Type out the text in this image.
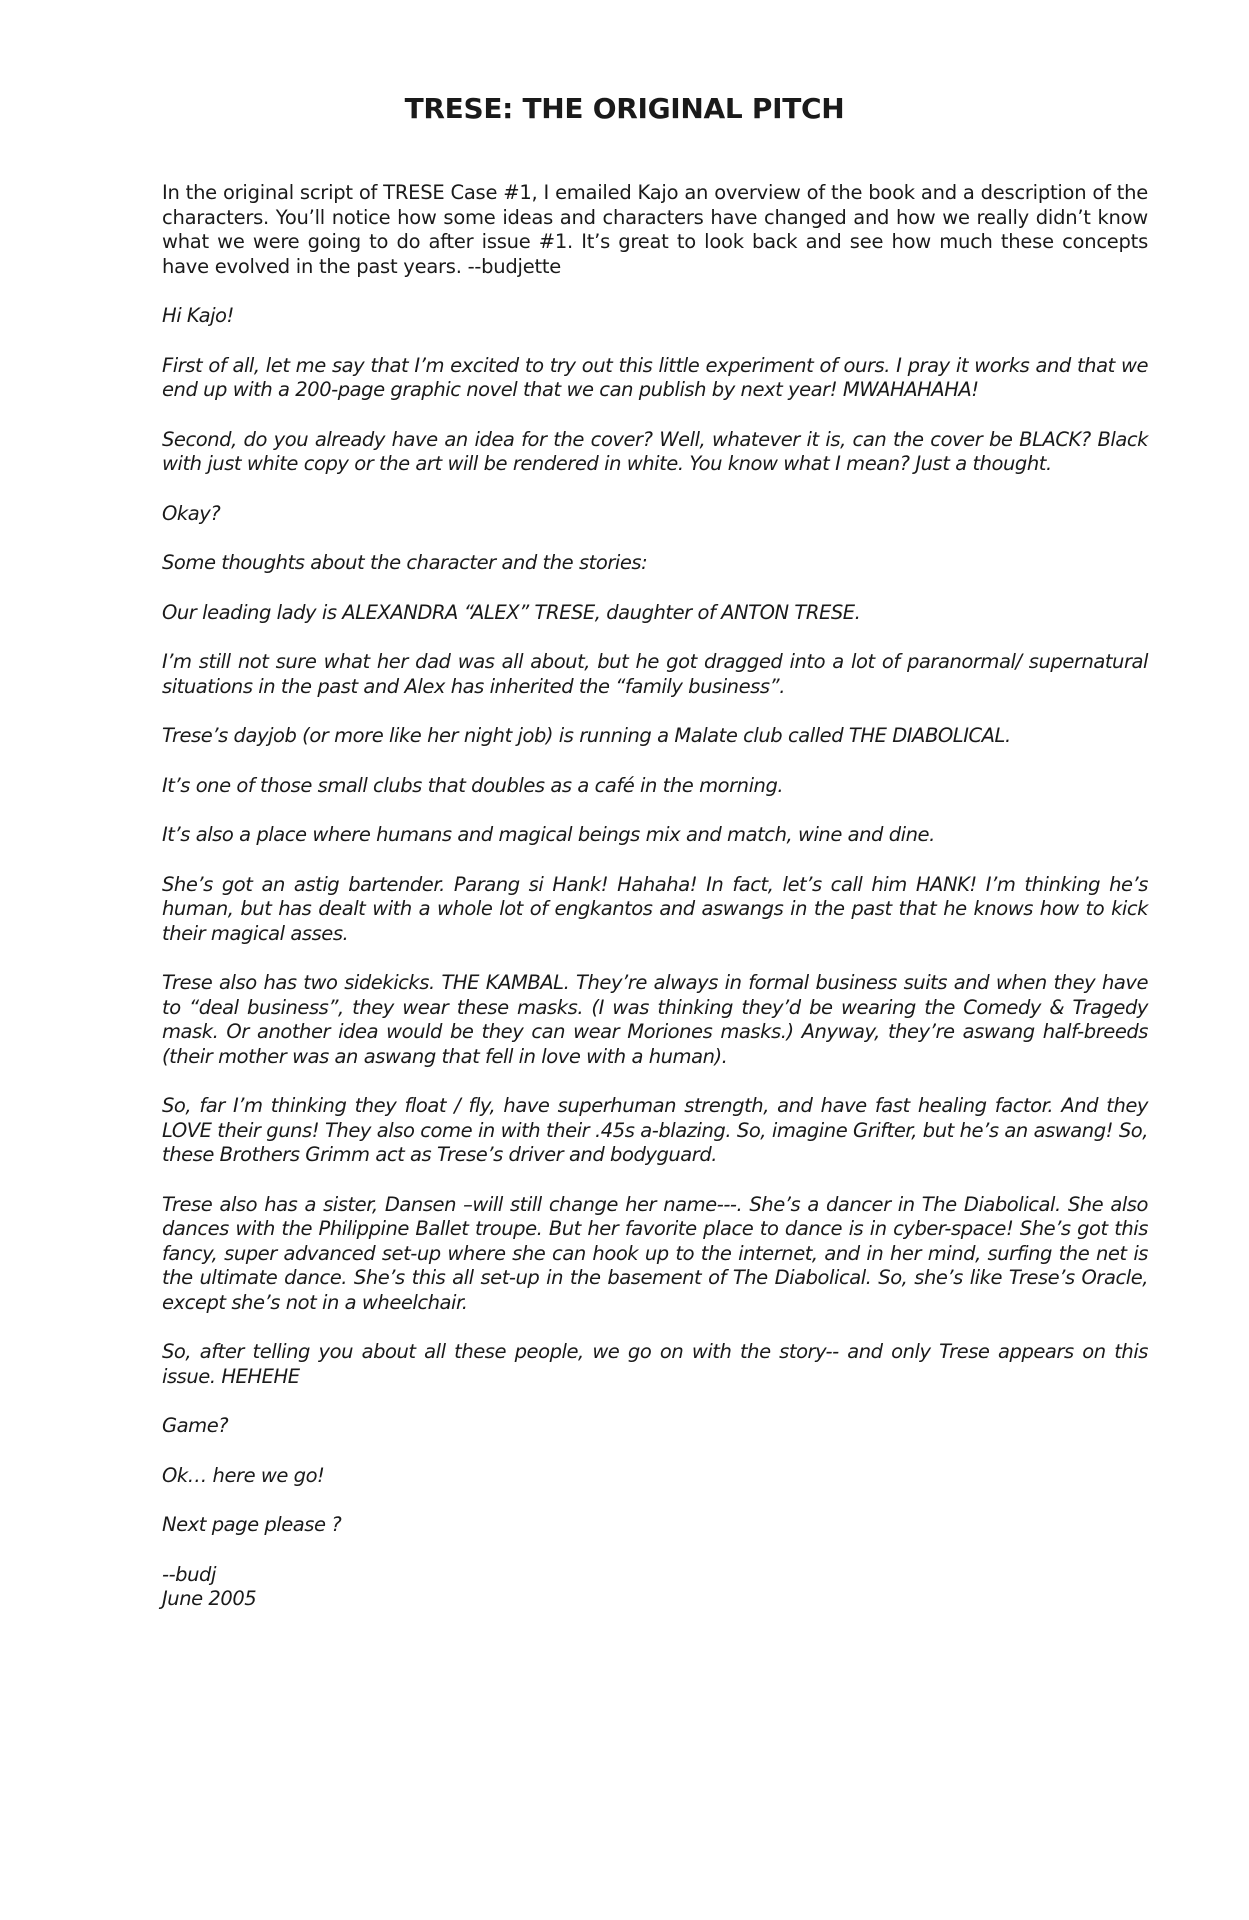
TRESE: THE ORIGINAL PITCH

In the original script of TRESE Case #1, I emailed Kajo an overview of the book and a description of the characters. You’ll notice how some ideas and characters have changed and how we really didn’t know what we were going to do after issue #1. It’s great to look back and see how much these concepts have evolved in the past years. --budjette

Hi Kajo!

First of all, let me say that I’m excited to try out this little experiment of ours. I pray it works and that we end up with a 200-page graphic novel that we can publish by next year! MWAHAHAHA!

Second, do you already have an idea for the cover? Well, whatever it is, can the cover be BLACK? Black with just white copy or the art will be rendered in white. You know what I mean? Just a thought.

Okay?

Some thoughts about the character and the stories:

Our leading lady is ALEXANDRA “ALEX” TRESE, daughter of ANTON TRESE.

I’m still not sure what her dad was all about, but he got dragged into a lot of paranormal/ supernatural situations in the past and Alex has inherited the “family business”.

Trese’s dayjob (or more like her night job) is running a Malate club called THE DIABOLICAL.

It’s one of those small clubs that doubles as a café in the morning.

It’s also a place where humans and magical beings mix and match, wine and dine.

She’s got an astig bartender. Parang si Hank! Hahaha! In fact, let’s call him HANK! I’m thinking he’s human, but has dealt with a whole lot of engkantos and aswangs in the past that he knows how to kick their magical asses.

Trese also has two sidekicks. THE KAMBAL. They’re always in formal business suits and when they have to “deal business”, they wear these masks. (I was thinking they’d be wearing the Comedy & Tragedy mask. Or another idea would be they can wear Moriones masks.) Anyway, they’re aswang half-breeds (their mother was an aswang that fell in love with a human).

So, far I’m thinking they float / fly, have superhuman strength, and have fast healing factor. And they LOVE their guns! They also come in with their .45s a-blazing. So, imagine Grifter, but he’s an aswang! So, these Brothers Grimm act as Trese’s driver and bodyguard.

Trese also has a sister, Dansen –will still change her name---. She’s a dancer in The Diabolical. She also dances with the Philippine Ballet troupe. But her favorite place to dance is in cyber-space! She’s got this fancy, super advanced set-up where she can hook up to the internet, and in her mind, surfing the net is the ultimate dance. She’s this all set-up in the basement of The Diabolical. So, she’s like Trese’s Oracle, except she’s not in a wheelchair.

So, after telling you about all these people, we go on with the story-- and only Trese appears on this issue. HEHEHE

Game?

Ok… here we go!

Next page please ?

--budj

June 2005
